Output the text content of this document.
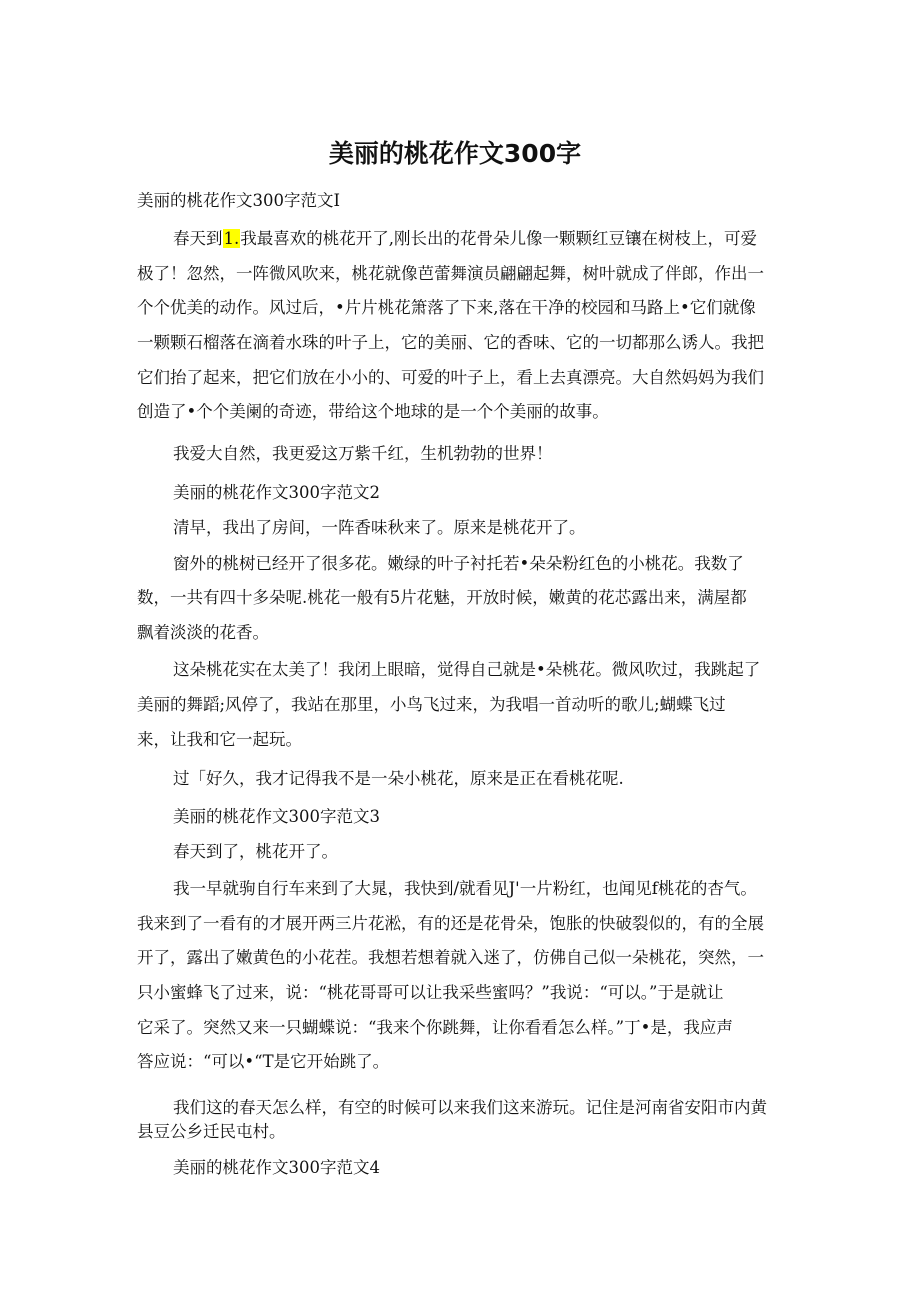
美丽的桃花作文300字

美丽的桃花作文300字范文I

春天到1.我最喜欢的桃花开了,刚长出的花骨朵儿像一颗颗红豆镶在树枝上，可爱

极了！忽然，一阵微风吹来，桃花就像芭蕾舞演员翩翩起舞，树叶就成了伴郎，作出一

个个优美的动作。风过后，•片片桃花箫落了下来,落在干净的校园和马路上•它们就像

一颗颗石榴落在滴着水珠的叶子上，它的美丽、它的香味、它的一切都那么诱人。我把

它们抬了起来，把它们放在小小的、可爱的叶子上，看上去真漂亮。大自然妈妈为我们

创造了•个个美阑的奇迹，带给这个地球的是一个个美丽的故事。

我爱大自然，我更爱这万紫千红，生机勃勃的世界！

美丽的桃花作文300字范文2

清早，我出了房间，一阵香味秋来了。原来是桃花开了。

窗外的桃树已经开了很多花。嫩绿的叶子衬托若•朵朵粉红色的小桃花。我数了

数，一共有四十多朵呢.桃花一般有5片花魅，开放时候，嫩黄的花芯露出来，满屋都

飘着淡淡的花香。

这朵桃花实在太美了！我闭上眼暗，觉得自己就是•朵桃花。微风吹过，我跳起了

美丽的舞蹈;风停了，我站在那里，小鸟飞过来，为我唱一首动听的歌儿;蝴蝶飞过

来，让我和它一起玩。

过「好久，我才记得我不是一朵小桃花，原来是正在看桃花呢.

美丽的桃花作文300字范文3

春天到了，桃花开了。

我一早就驹自行车来到了大晁，我快到/就看见J'一片粉红，也闻见f桃花的杏气。

我来到了一看有的才展开两三片花淞，有的还是花骨朵，饱胀的快破裂似的，有的全展

开了，露出了嫩黄色的小花茬。我想若想着就入迷了，仿佛自己似一朵桃花，突然，一

只小蜜蜂飞了过来，说：“桃花哥哥可以让我采些蜜吗？”我说：“可以。”于是就让

它采了。突然又来一只蝴蝶说：“我来个你跳舞，让你看看怎么样。”丁•是，我应声

答应说：“可以•“T是它开始跳了。

我们这的春天怎么样，有空的时候可以来我们这来游玩。记住是河南省安阳市内黄

县豆公乡迁民屯村。

美丽的桃花作文300字范文4
